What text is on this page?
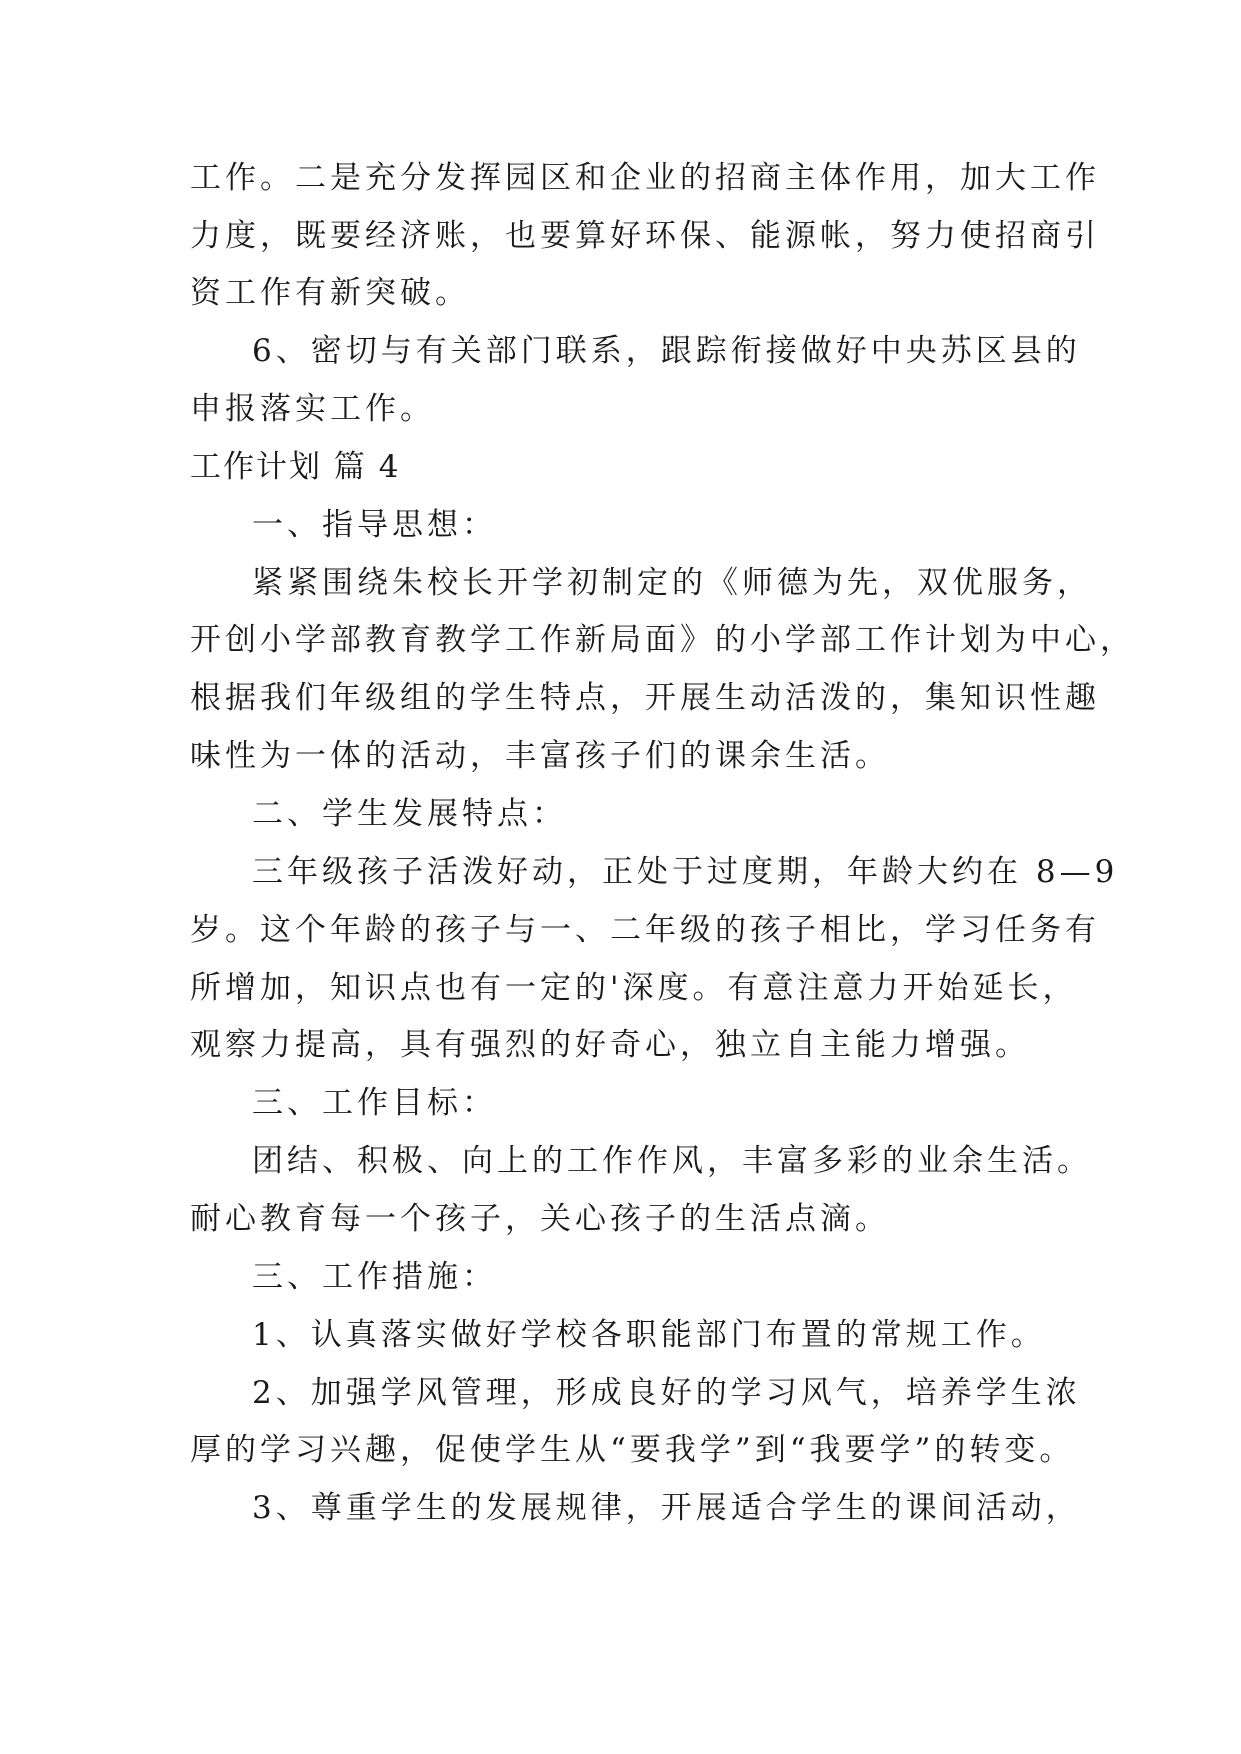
工作。二是充分发挥园区和企业的招商主体作用，加大工作
力度，既要经济账，也要算好环保、能源帐，努力使招商引
资工作有新突破。
6、密切与有关部门联系，跟踪衔接做好中央苏区县的
申报落实工作。
工作计划 篇 4
一、指导思想：
紧紧围绕朱校长开学初制定的《师德为先，双优服务，
开创小学部教育教学工作新局面》的小学部工作计划为中心，
根据我们年级组的学生特点，开展生动活泼的，集知识性趣
味性为一体的活动，丰富孩子们的课余生活。
二、学生发展特点：
三年级孩子活泼好动，正处于过度期，年龄大约在 8—9
岁。这个年龄的孩子与一、二年级的孩子相比，学习任务有
所增加，知识点也有一定的'深度。有意注意力开始延长，
观察力提高，具有强烈的好奇心，独立自主能力增强。
三、工作目标：
团结、积极、向上的工作作风，丰富多彩的业余生活。
耐心教育每一个孩子，关心孩子的生活点滴。
三、工作措施：
1、认真落实做好学校各职能部门布置的常规工作。
2、加强学风管理，形成良好的学习风气，培养学生浓
厚的学习兴趣，促使学生从“要我学”到“我要学”的转变。
3、尊重学生的发展规律，开展适合学生的课间活动，
